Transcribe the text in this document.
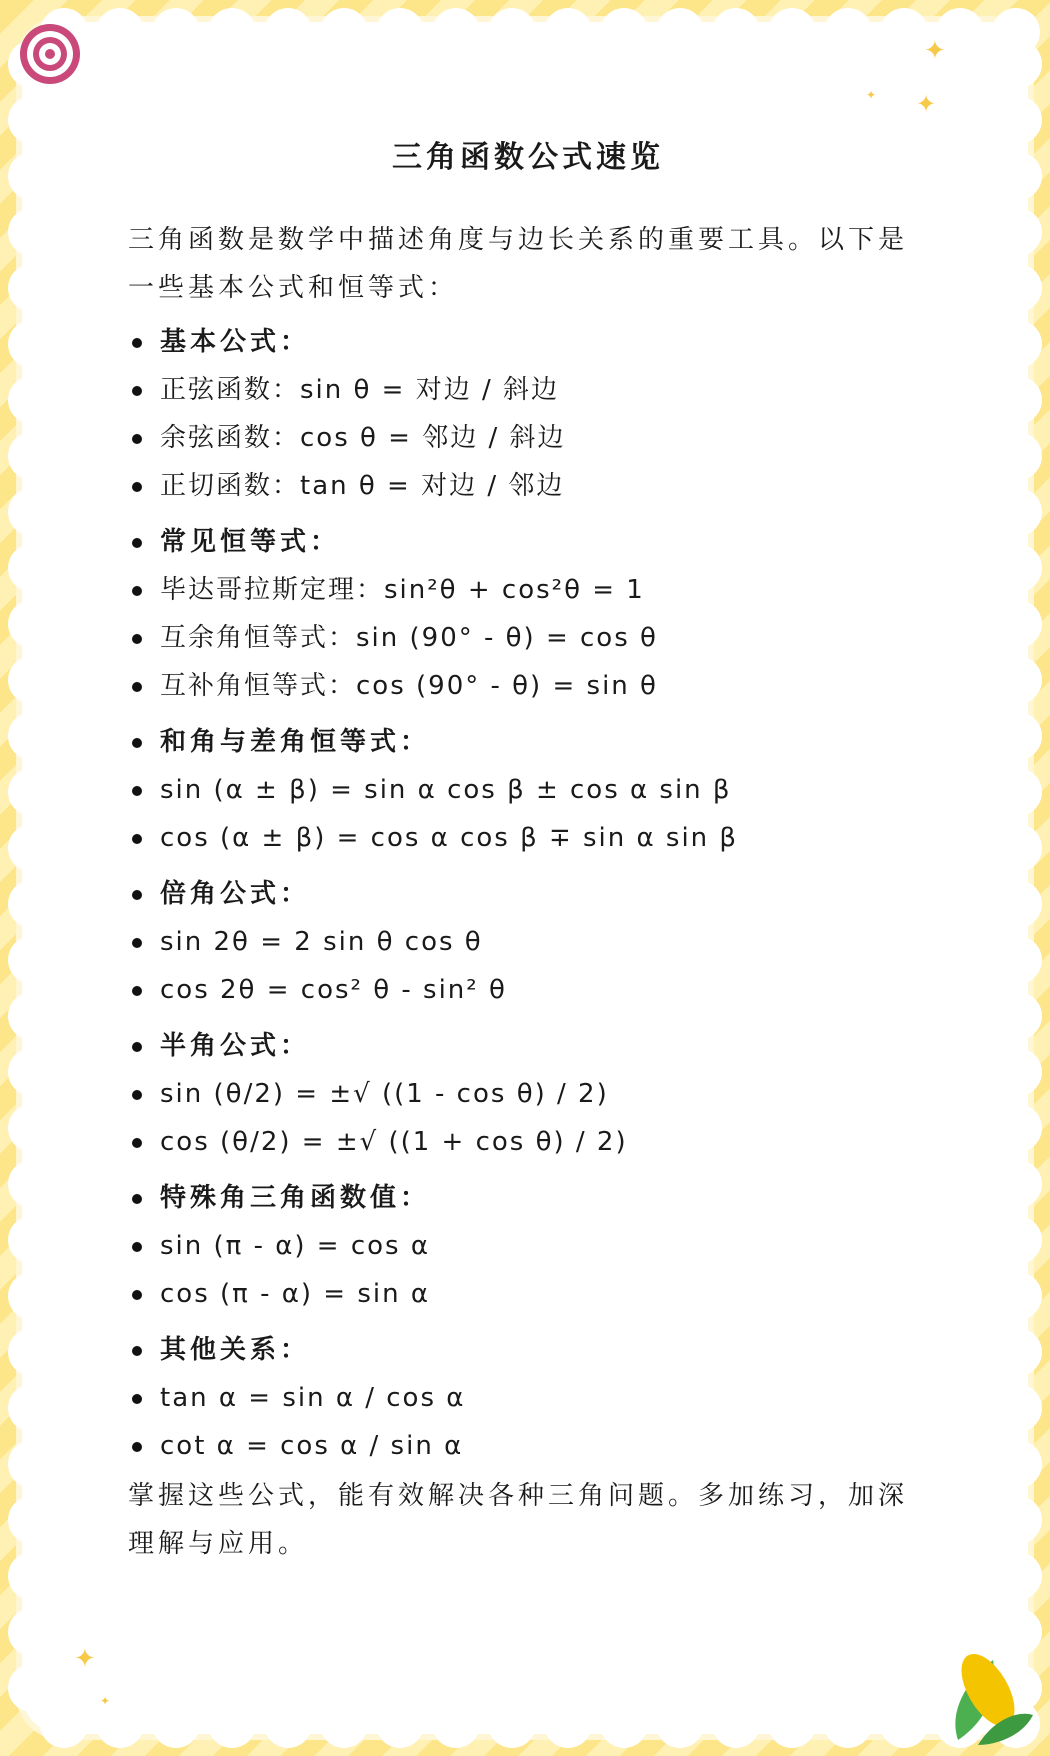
✦
✦ ✦
✦
✦
三角函数公式速览
三角函数是数学中描述角度与边长关系的重要工具。以下是一些基本公式和恒等式：
基本公式：
正弦函数：sin θ = 对边 / 斜边
余弦函数：cos θ = 邻边 / 斜边
正切函数：tan θ = 对边 / 邻边
常见恒等式：
毕达哥拉斯定理：sin²θ + cos²θ = 1
互余角恒等式：sin (90° - θ) = cos θ
互补角恒等式：cos (90° - θ) = sin θ
和角与差角恒等式：
sin (α ± β) = sin α cos β ± cos α sin β
cos (α ± β) = cos α cos β ∓ sin α sin β
倍角公式：
sin 2θ = 2 sin θ cos θ
cos 2θ = cos² θ - sin² θ
半角公式：
sin (θ/2) = ±√ ((1 - cos θ) / 2)
cos (θ/2) = ±√ ((1 + cos θ) / 2)
特殊角三角函数值：
sin (π - α) = cos α
cos (π - α) = sin α
其他关系：
tan α = sin α / cos α
cot α = cos α / sin α
掌握这些公式，能有效解决各种三角问题。多加练习，加深理解与应用。
